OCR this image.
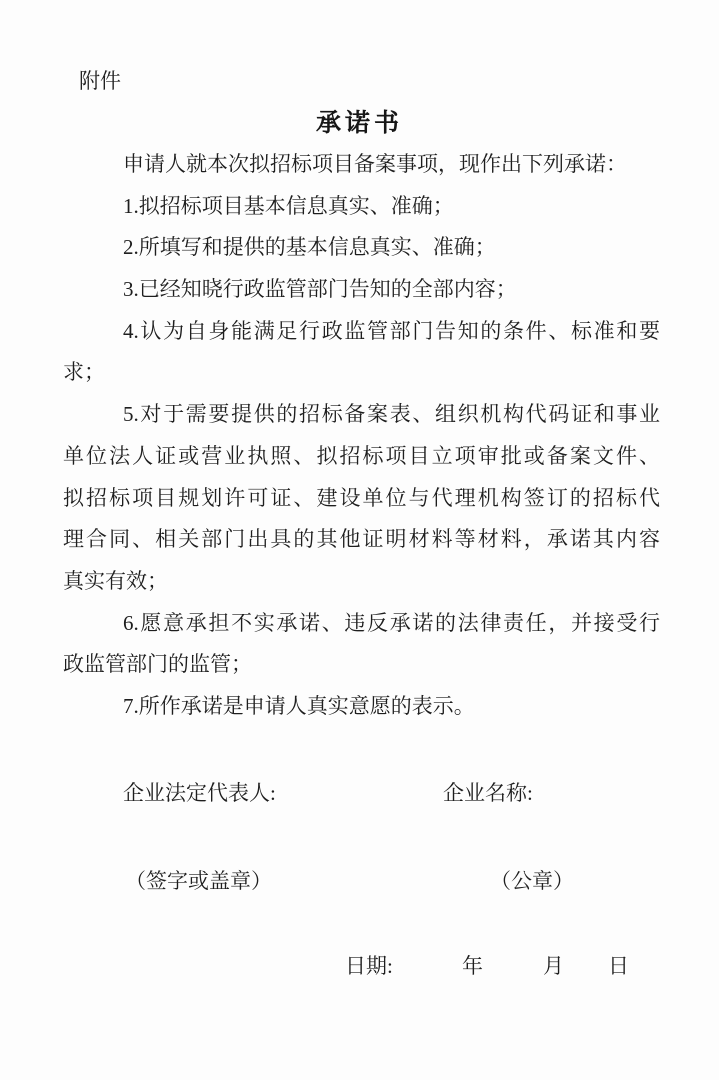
附件
承诺书
申请人就本次拟招标项目备案事项，现作出下列承诺：
1.拟招标项目基本信息真实、准确；
2.所填写和提供的基本信息真实、准确；
3.已经知晓行政监管部门告知的全部内容；
4.认为自身能满足行政监管部门告知的条件、标准和要
求；
5.对于需要提供的招标备案表、组织机构代码证和事业
单位法人证或营业执照、拟招标项目立项审批或备案文件、
拟招标项目规划许可证、建设单位与代理机构签订的招标代
理合同、相关部门出具的其他证明材料等材料，承诺其内容
真实有效；
6.愿意承担不实承诺、违反承诺的法律责任，并接受行
政监管部门的监管；
7.所作承诺是申请人真实意愿的表示。
企业法定代表人:	企业名称:
（签字或盖章）	（公章）
日期:	年	月 日
